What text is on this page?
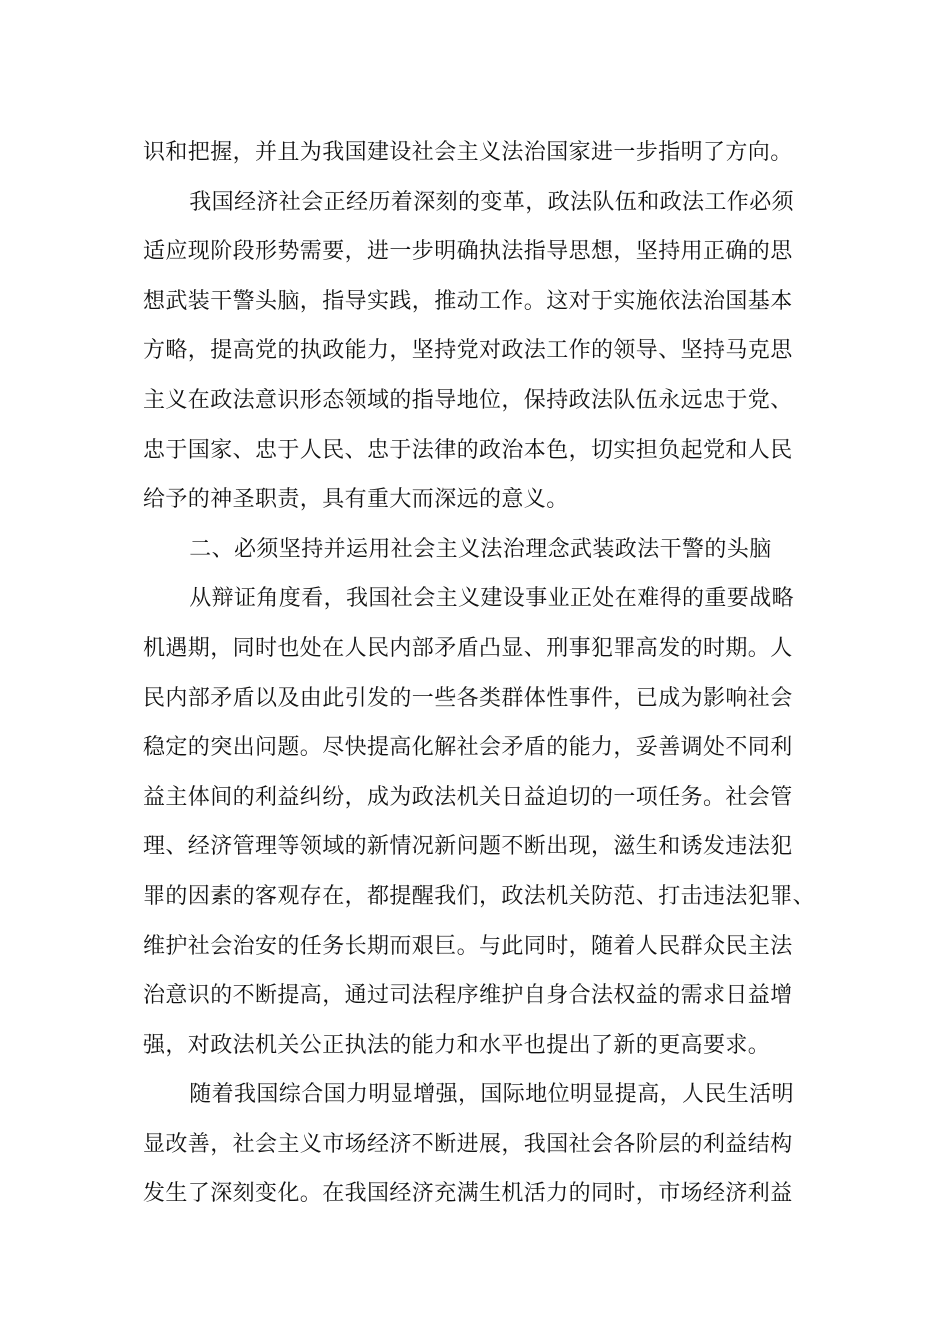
识和把握，并且为我国建设社会主义法治国家进一步指明了方向。
我国经济社会正经历着深刻的变革，政法队伍和政法工作必须
适应现阶段形势需要，进一步明确执法指导思想，坚持用正确的思
想武装干警头脑，指导实践，推动工作。这对于实施依法治国基本
方略，提高党的执政能力，坚持党对政法工作的领导、坚持马克思
主义在政法意识形态领域的指导地位，保持政法队伍永远忠于党、
忠于国家、忠于人民、忠于法律的政治本色，切实担负起党和人民
给予的神圣职责，具有重大而深远的意义。
二、必须坚持并运用社会主义法治理念武装政法干警的头脑
从辩证角度看，我国社会主义建设事业正处在难得的重要战略
机遇期，同时也处在人民内部矛盾凸显、刑事犯罪高发的时期。人
民内部矛盾以及由此引发的一些各类群体性事件，已成为影响社会
稳定的突出问题。尽快提高化解社会矛盾的能力，妥善调处不同利
益主体间的利益纠纷，成为政法机关日益迫切的一项任务。社会管
理、经济管理等领域的新情况新问题不断出现，滋生和诱发违法犯
罪的因素的客观存在，都提醒我们，政法机关防范、打击违法犯罪、
维护社会治安的任务长期而艰巨。与此同时，随着人民群众民主法
治意识的不断提高，通过司法程序维护自身合法权益的需求日益增
强，对政法机关公正执法的能力和水平也提出了新的更高要求。
随着我国综合国力明显增强，国际地位明显提高，人民生活明
显改善，社会主义市场经济不断进展，我国社会各阶层的利益结构
发生了深刻变化。在我国经济充满生机活力的同时，市场经济利益
